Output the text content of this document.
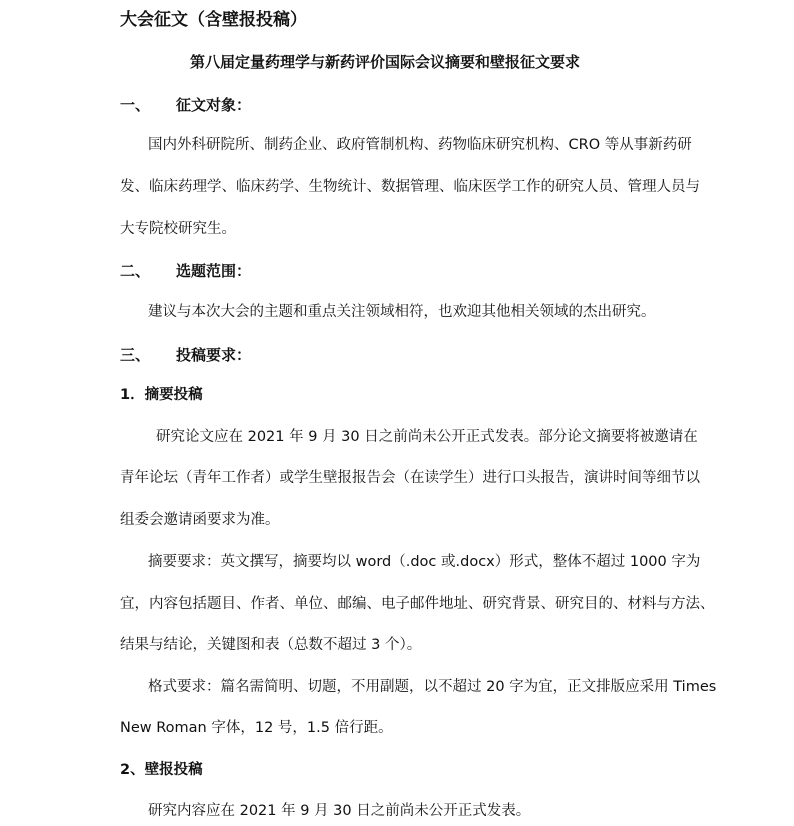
大会征文（含壁报投稿）
第八届定量药理学与新药评价国际会议摘要和壁报征文要求
一、 征文对象：
国内外科研院所、制药企业、政府管制机构、药物临床研究机构、CRO 等从事新药研
发、临床药理学、临床药学、生物统计、数据管理、临床医学工作的研究人员、管理人员与
大专院校研究生。
二、 选题范围：
建议与本次大会的主题和重点关注领域相符，也欢迎其他相关领域的杰出研究。
三、 投稿要求：
1．摘要投稿
研究论文应在 2021 年 9 月 30 日之前尚未公开正式发表。部分论文摘要将被邀请在
青年论坛（青年工作者）或学生壁报报告会（在读学生）进行口头报告，演讲时间等细节以
组委会邀请函要求为准。
摘要要求：英文撰写，摘要均以 word（.doc 或.docx）形式，整体不超过 1000 字为
宜，内容包括题目、作者、单位、邮编、电子邮件地址、研究背景、研究目的、材料与方法、
结果与结论，关键图和表（总数不超过 3 个）。
格式要求：篇名需简明、切题，不用副题，以不超过 20 字为宜，正文排版应采用 Times
New Roman 字体，12 号，1.5 倍行距。
2、壁报投稿
研究内容应在 2021 年 9 月 30 日之前尚未公开正式发表。
